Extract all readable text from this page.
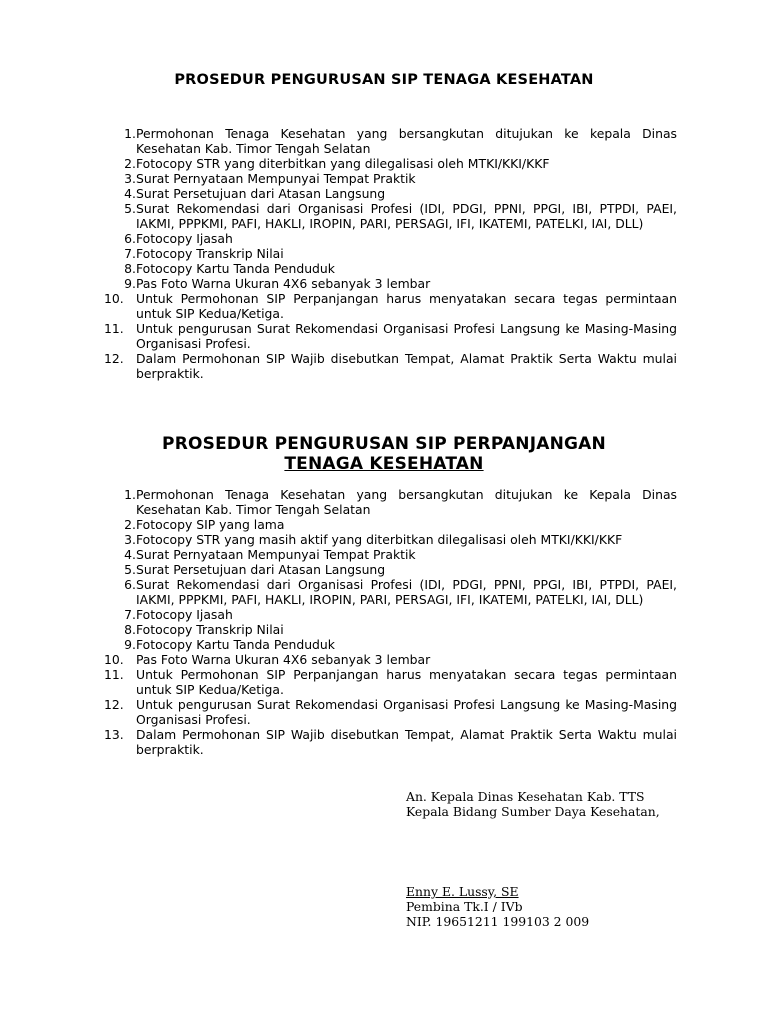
PROSEDUR PENGURUSAN SIP TENAGA KESEHATAN
1. Permohonan Tenaga Kesehatan yang bersangkutan ditujukan ke kepala Dinas Kesehatan Kab. Timor Tengah Selatan
2. Fotocopy STR yang diterbitkan yang dilegalisasi oleh MTKI/KKI/KKF
3. Surat Pernyataan Mempunyai Tempat Praktik
4. Surat Persetujuan dari Atasan Langsung
5. Surat Rekomendasi dari Organisasi Profesi (IDI, PDGI, PPNI, PPGI, IBI, PTPDI, PAEI, IAKMI, PPPKMI, PAFI, HAKLI, IROPIN, PARI, PERSAGI, IFI, IKATEMI, PATELKI, IAI, DLL)
6. Fotocopy Ijasah
7. Fotocopy Transkrip Nilai
8. Fotocopy Kartu Tanda Penduduk
9. Pas Foto Warna Ukuran 4X6 sebanyak 3 lembar
10. Untuk Permohonan SIP Perpanjangan harus menyatakan secara tegas permintaan untuk SIP Kedua/Ketiga.
11. Untuk pengurusan Surat Rekomendasi Organisasi Profesi Langsung ke Masing-Masing Organisasi Profesi.
12. Dalam Permohonan SIP Wajib disebutkan Tempat, Alamat Praktik Serta Waktu mulai berpraktik.
PROSEDUR PENGURUSAN SIP PERPANJANGAN
TENAGA KESEHATAN
1. Permohonan Tenaga Kesehatan yang bersangkutan ditujukan ke Kepala Dinas Kesehatan Kab. Timor Tengah Selatan
2. Fotocopy SIP yang lama
3. Fotocopy STR yang masih aktif yang diterbitkan dilegalisasi oleh MTKI/KKI/KKF
4. Surat Pernyataan Mempunyai Tempat Praktik
5. Surat Persetujuan dari Atasan Langsung
6. Surat Rekomendasi dari Organisasi Profesi (IDI, PDGI, PPNI, PPGI, IBI, PTPDI, PAEI, IAKMI, PPPKMI, PAFI, HAKLI, IROPIN, PARI, PERSAGI, IFI, IKATEMI, PATELKI, IAI, DLL)
7. Fotocopy Ijasah
8. Fotocopy Transkrip Nilai
9. Fotocopy Kartu Tanda Penduduk
10. Pas Foto Warna Ukuran 4X6 sebanyak 3 lembar
11. Untuk Permohonan SIP Perpanjangan harus menyatakan secara tegas permintaan untuk SIP Kedua/Ketiga.
12. Untuk pengurusan Surat Rekomendasi Organisasi Profesi Langsung ke Masing-Masing Organisasi Profesi.
13. Dalam Permohonan SIP Wajib disebutkan Tempat, Alamat Praktik Serta Waktu mulai berpraktik.
An. Kepala Dinas Kesehatan Kab. TTS
Kepala Bidang Sumber Daya Kesehatan,
Enny E. Lussy, SE
Pembina Tk.I / IVb
NIP. 19651211 199103 2 009
